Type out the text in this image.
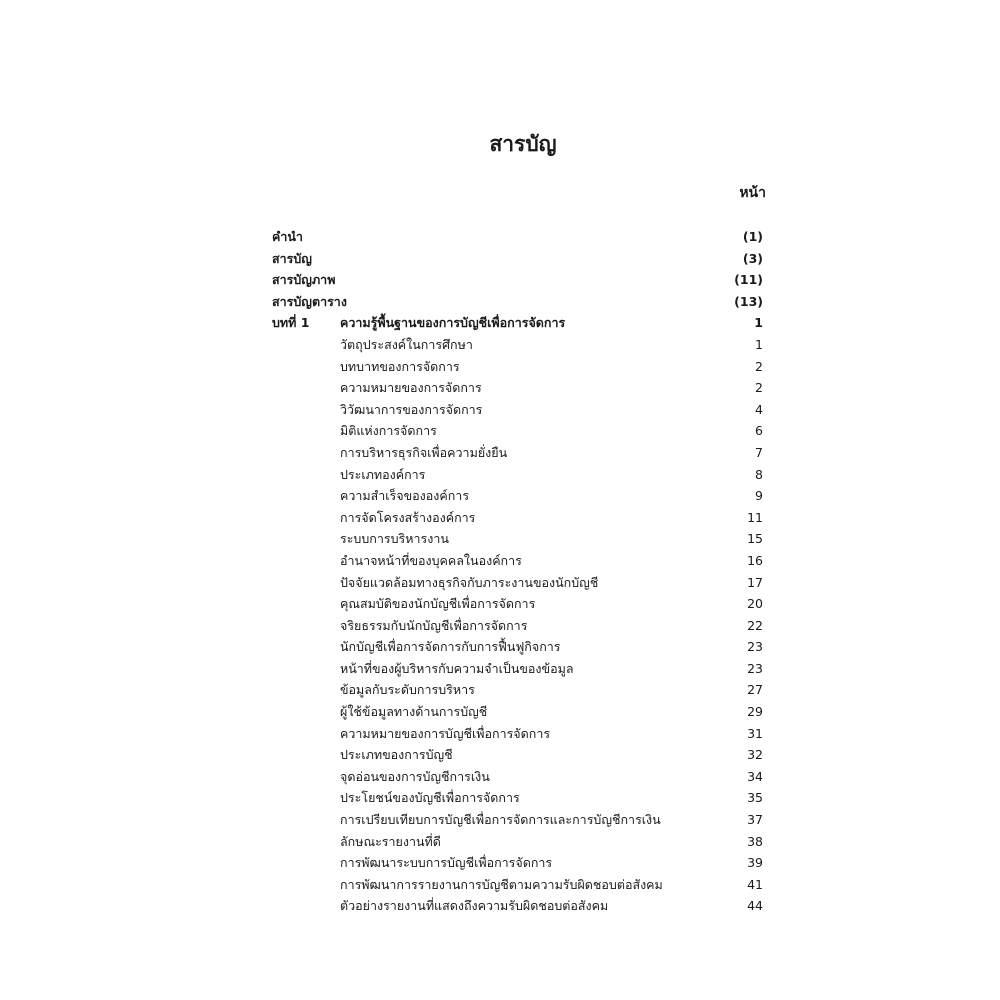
สารบัญ
หน้า
คำนำ	(1)
สารบัญ	(3)
สารบัญภาพ	(11)
สารบัญตาราง	(13)
บทที่ 1 ความรู้พื้นฐานของการบัญชีเพื่อการจัดการ	1
วัตถุประสงค์ในการศึกษา	1
บทบาทของการจัดการ	2
ความหมายของการจัดการ	2
วิวัฒนาการของการจัดการ	4
มิติแห่งการจัดการ	6
การบริหารธุรกิจเพื่อความยั่งยืน	7
ประเภทองค์การ	8
ความสำเร็จขององค์การ	9
การจัดโครงสร้างองค์การ	11
ระบบการบริหารงาน	15
อำนาจหน้าที่ของบุคคลในองค์การ	16
ปัจจัยแวดล้อมทางธุรกิจกับภาระงานของนักบัญชี	17
คุณสมบัติของนักบัญชีเพื่อการจัดการ	20
จริยธรรมกับนักบัญชีเพื่อการจัดการ	22
นักบัญชีเพื่อการจัดการกับการฟื้นฟูกิจการ	23
หน้าที่ของผู้บริหารกับความจำเป็นของข้อมูล	23
ข้อมูลกับระดับการบริหาร	27
ผู้ใช้ข้อมูลทางด้านการบัญชี	29
ความหมายของการบัญชีเพื่อการจัดการ	31
ประเภทของการบัญชี	32
จุดอ่อนของการบัญชีการเงิน	34
ประโยชน์ของบัญชีเพื่อการจัดการ	35
การเปรียบเทียบการบัญชีเพื่อการจัดการและการบัญชีการเงิน	37
ลักษณะรายงานที่ดี	38
การพัฒนาระบบการบัญชีเพื่อการจัดการ	39
การพัฒนาการรายงานการบัญชีตามความรับผิดชอบต่อสังคม	41
ตัวอย่างรายงานที่แสดงถึงความรับผิดชอบต่อสังคม	44
